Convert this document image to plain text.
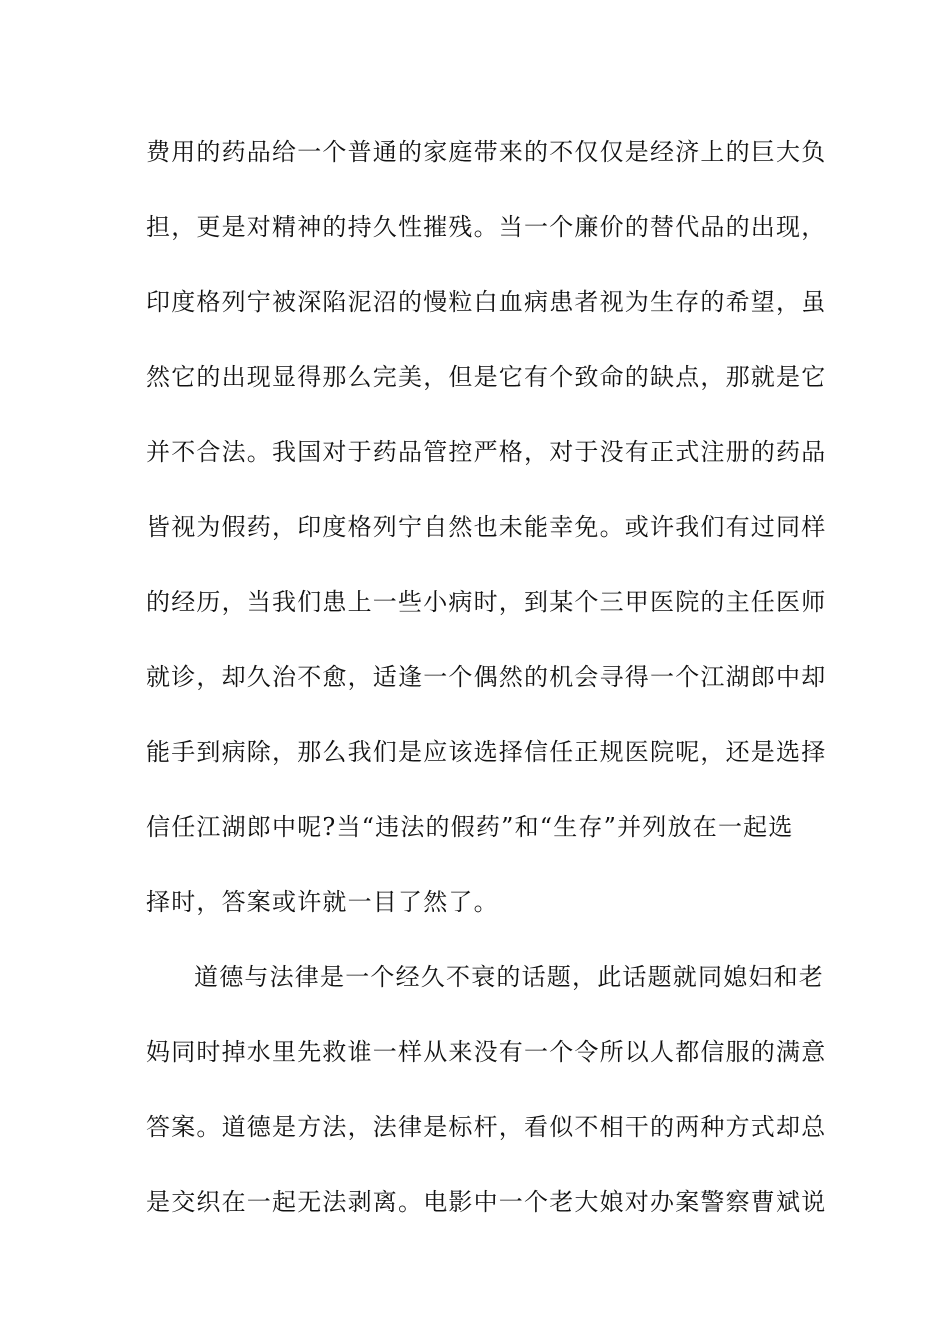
费用的药品给一个普通的家庭带来的不仅仅是经济上的巨大负
担，更是对精神的持久性摧残。当一个廉价的替代品的出现，
印度格列宁被深陷泥沼的慢粒白血病患者视为生存的希望，虽
然它的出现显得那么完美，但是它有个致命的缺点，那就是它
并不合法。我国对于药品管控严格，对于没有正式注册的药品
皆视为假药，印度格列宁自然也未能幸免。或许我们有过同样
的经历，当我们患上一些小病时，到某个三甲医院的主任医师
就诊，却久治不愈，适逢一个偶然的机会寻得一个江湖郎中却
能手到病除，那么我们是应该选择信任正规医院呢，还是选择
信任江湖郎中呢?当“违法的假药”和“生存”并列放在一起选
择时，答案或许就一目了然了。
道德与法律是一个经久不衰的话题，此话题就同媳妇和老
妈同时掉水里先救谁一样从来没有一个令所以人都信服的满意
答案。道德是方法，法律是标杆，看似不相干的两种方式却总
是交织在一起无法剥离。电影中一个老大娘对办案警察曹斌说
